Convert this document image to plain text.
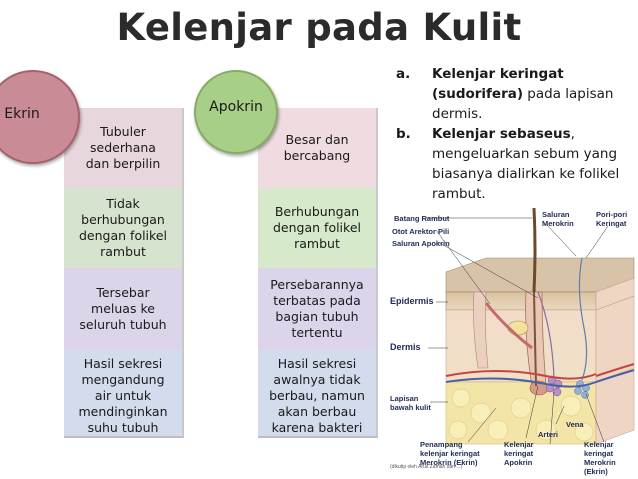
Kelenjar pada Kulit
Tubuler
sederhana
dan berpilin
Tidak
berhubungan
dengan folikel
rambut
Tersebar
meluas ke
seluruh tubuh
Hasil sekresi
mengandung
air untuk
mendinginkan
suhu tubuh
Ekrin
Besar dan
bercabang
Berhubungan
dengan folikel
rambut
Persebarannya
terbatas pada
bagian tubuh
tertentu
Hasil sekresi
awalnya tidak
berbau, namun
akan berbau
karena bakteri
Apokrin
a.	Kelenjar keringat (sudorifera) pada lapisan dermis.
b.	Kelenjar sebaseus, mengeluarkan sebum yang biasanya dialirkan ke folikel rambut.
Batang Rambut
Otot Arektor Pili
Saluran Apokrin
Saluran Merokrin
Pori-pori Keringat
Epidermis
Dermis
Lapisan bawah kulit
Vena
Arteri
Penampang kelenjar keringat Merokrin (Ekrin)
Kelenjar keringat Apokrin
Kelenjar keringat Merokrin (Ekrin)
(dikutip oleh Arus Zaman dari ...)
